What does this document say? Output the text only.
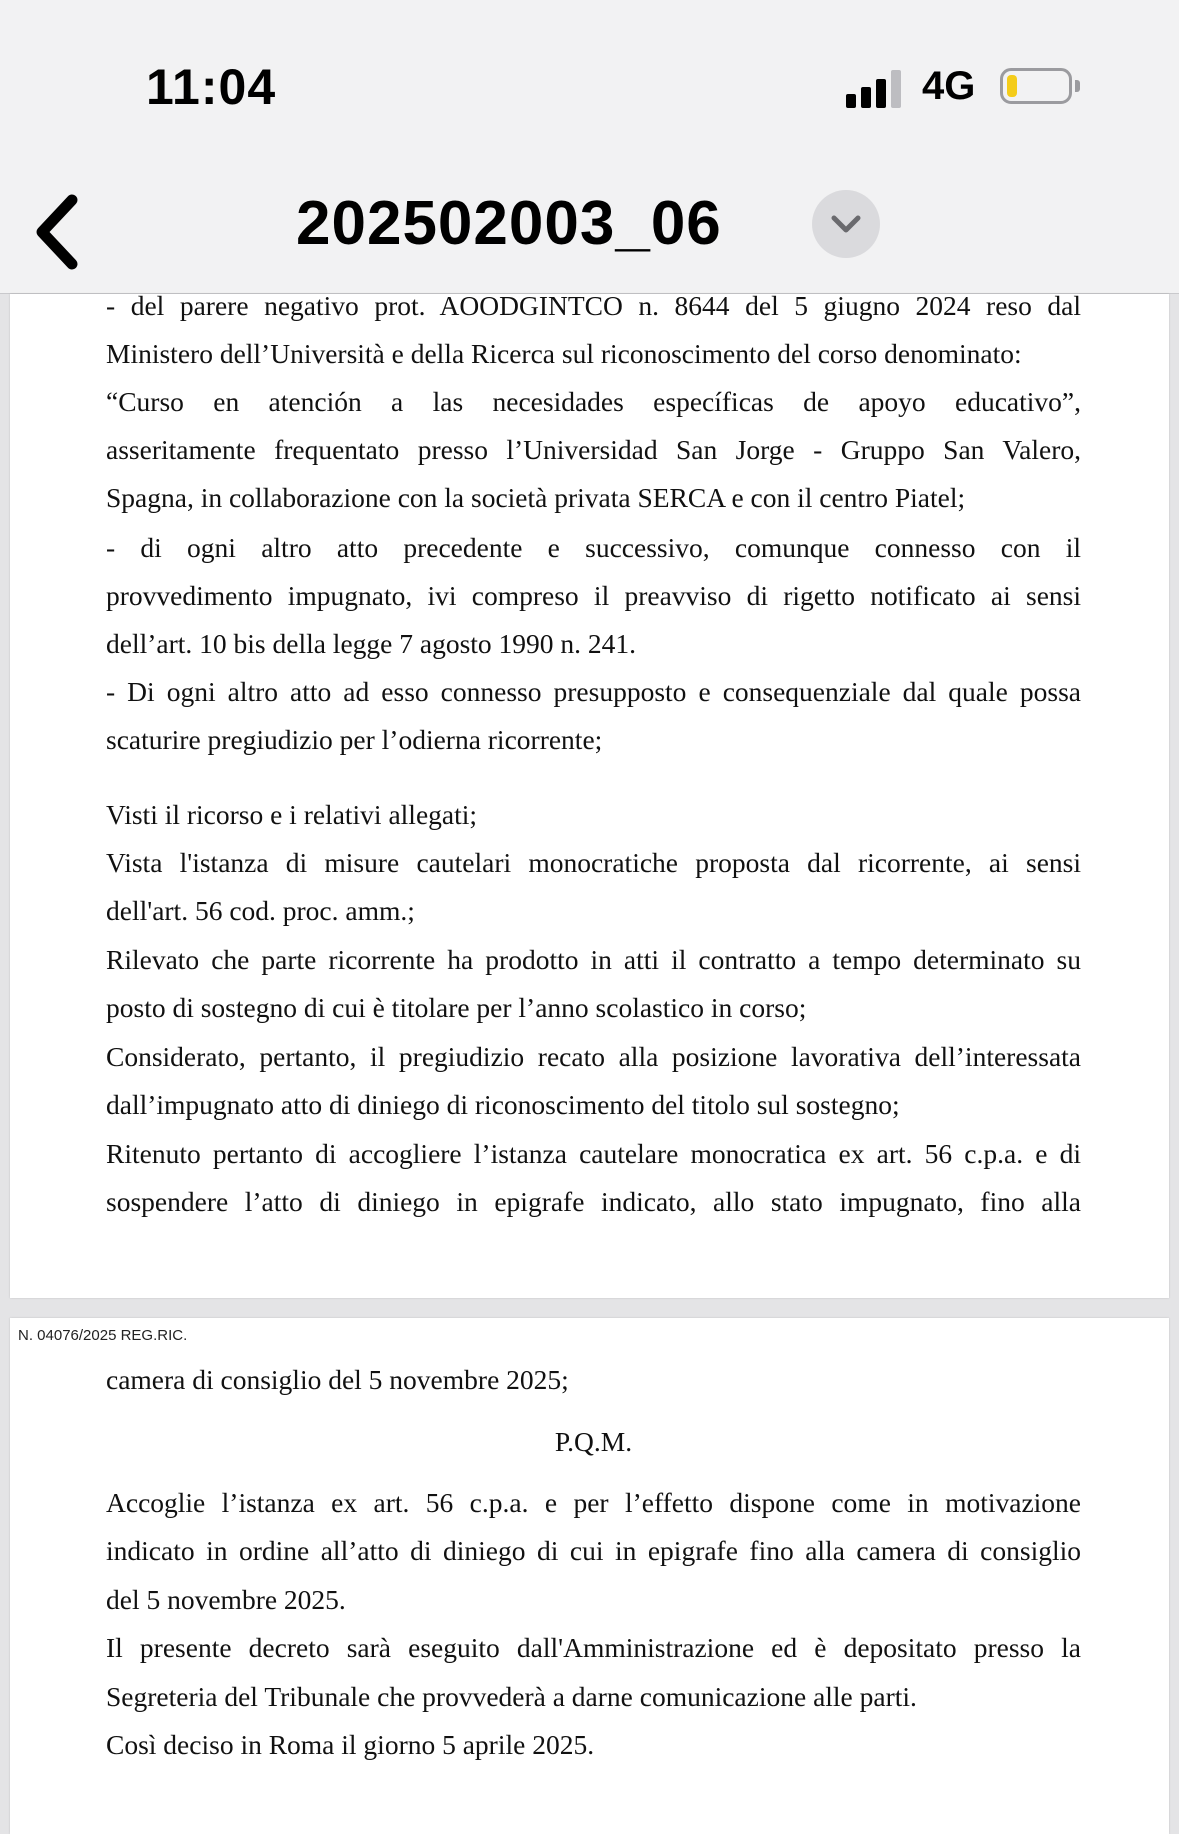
11:04	4G
202502003_06
- del parere negativo prot. AOODGINTCO n. 8644 del 5 giugno 2024 reso dal
Ministero dell’Università e della Ricerca sul riconoscimento del corso denominato:
“Curso en atención a las necesidades específicas de apoyo educativo”,
asseritamente frequentato presso l’Universidad San Jorge - Gruppo San Valero,
Spagna, in collaborazione con la società privata SERCA e con il centro Piatel;
- di ogni altro atto precedente e successivo, comunque connesso con il
provvedimento impugnato, ivi compreso il preavviso di rigetto notificato ai sensi
dell’art. 10 bis della legge 7 agosto 1990 n. 241.
- Di ogni altro atto ad esso connesso presupposto e consequenziale dal quale possa
scaturire pregiudizio per l’odierna ricorrente;
Visti il ricorso e i relativi allegati;
Vista l'istanza di misure cautelari monocratiche proposta dal ricorrente, ai sensi
dell'art. 56 cod. proc. amm.;
Rilevato che parte ricorrente ha prodotto in atti il contratto a tempo determinato su
posto di sostegno di cui è titolare per l’anno scolastico in corso;
Considerato, pertanto, il pregiudizio recato alla posizione lavorativa dell’interessata
dall’impugnato atto di diniego di riconoscimento del titolo sul sostegno;
Ritenuto pertanto di accogliere l’istanza cautelare monocratica ex art. 56 c.p.a. e di
sospendere l’atto di diniego in epigrafe indicato, allo stato impugnato, fino alla
N. 04076/2025 REG.RIC.
camera di consiglio del 5 novembre 2025;
P.Q.M.
Accoglie l’istanza ex art. 56 c.p.a. e per l’effetto dispone come in motivazione
indicato in ordine all’atto di diniego di cui in epigrafe fino alla camera di consiglio
del 5 novembre 2025.
Il presente decreto sarà eseguito dall'Amministrazione ed è depositato presso la
Segreteria del Tribunale che provvederà a darne comunicazione alle parti.
Così deciso in Roma il giorno 5 aprile 2025.
